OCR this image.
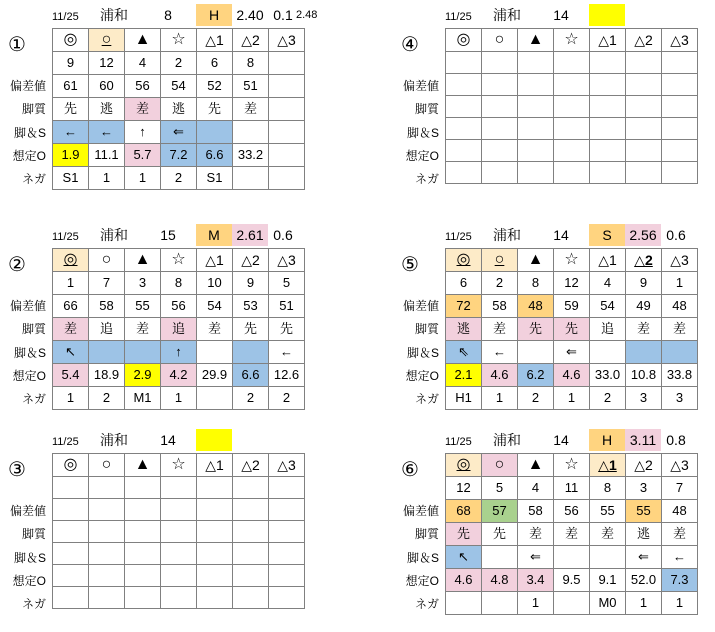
11/25	浦和	8	H	2.40 0.1 2.48
①
偏差値
脚質
脚＆S
想定O
ネガ
◎	○	▲	☆	△1	△2	△3
9	12	4	2	6	8	
61	60	56	54	52	51	
先	逃	差	逃	先	差	
←	←	↑	⇐			
1.9	11.1	5.7	7.2	6.6	33.2	
S1	1	1	2	S1		
11/25	浦和	14
④
偏差値
脚質
脚＆S
想定O
ネガ
◎	○	▲	☆	△1	△2	△3

11/25	浦和	15	M	2.61 0.6
②
偏差値
脚質
脚＆S
想定O
ネガ
◎	○	▲	☆	△1	△2	△3
1	7	3	8	10	9	5
66	58	55	56	54	53	51
差	追	差	追	差	先	先
↖			↑			←
5.4	18.9	2.9	4.2	29.9	6.6	12.6
1	2	M1	1		2	2
11/25	浦和	14	S	2.56 0.6
⑤
偏差値
脚質
脚＆S
想定O
ネガ
◎	○	▲	☆	△1	△2	△3
6	2	8	12	4	9	1
72	58	48	59	54	49	48
逃	差	先	先	追	差	差
⇖	←		⇐			
2.1	4.6	6.2	4.6	33.0	10.8	33.8
H1	1	2	1	2	3	3
11/25	浦和	14
③
偏差値
脚質
脚＆S
想定O
ネガ
◎	○	▲	☆	△1	△2	△3

11/25	浦和	14	H	3.11 0.8
⑥
偏差値
脚質
脚＆S
想定O
ネガ
◎	○	▲	☆	△1	△2	△3
12	5	4	11	8	3	7
68	57	58	56	55	55	48
先	先	差	差	差	逃	差
↖		⇐			⇐	←
4.6	4.8	3.4	9.5	9.1	52.0	7.3
		1		M0	1	1
